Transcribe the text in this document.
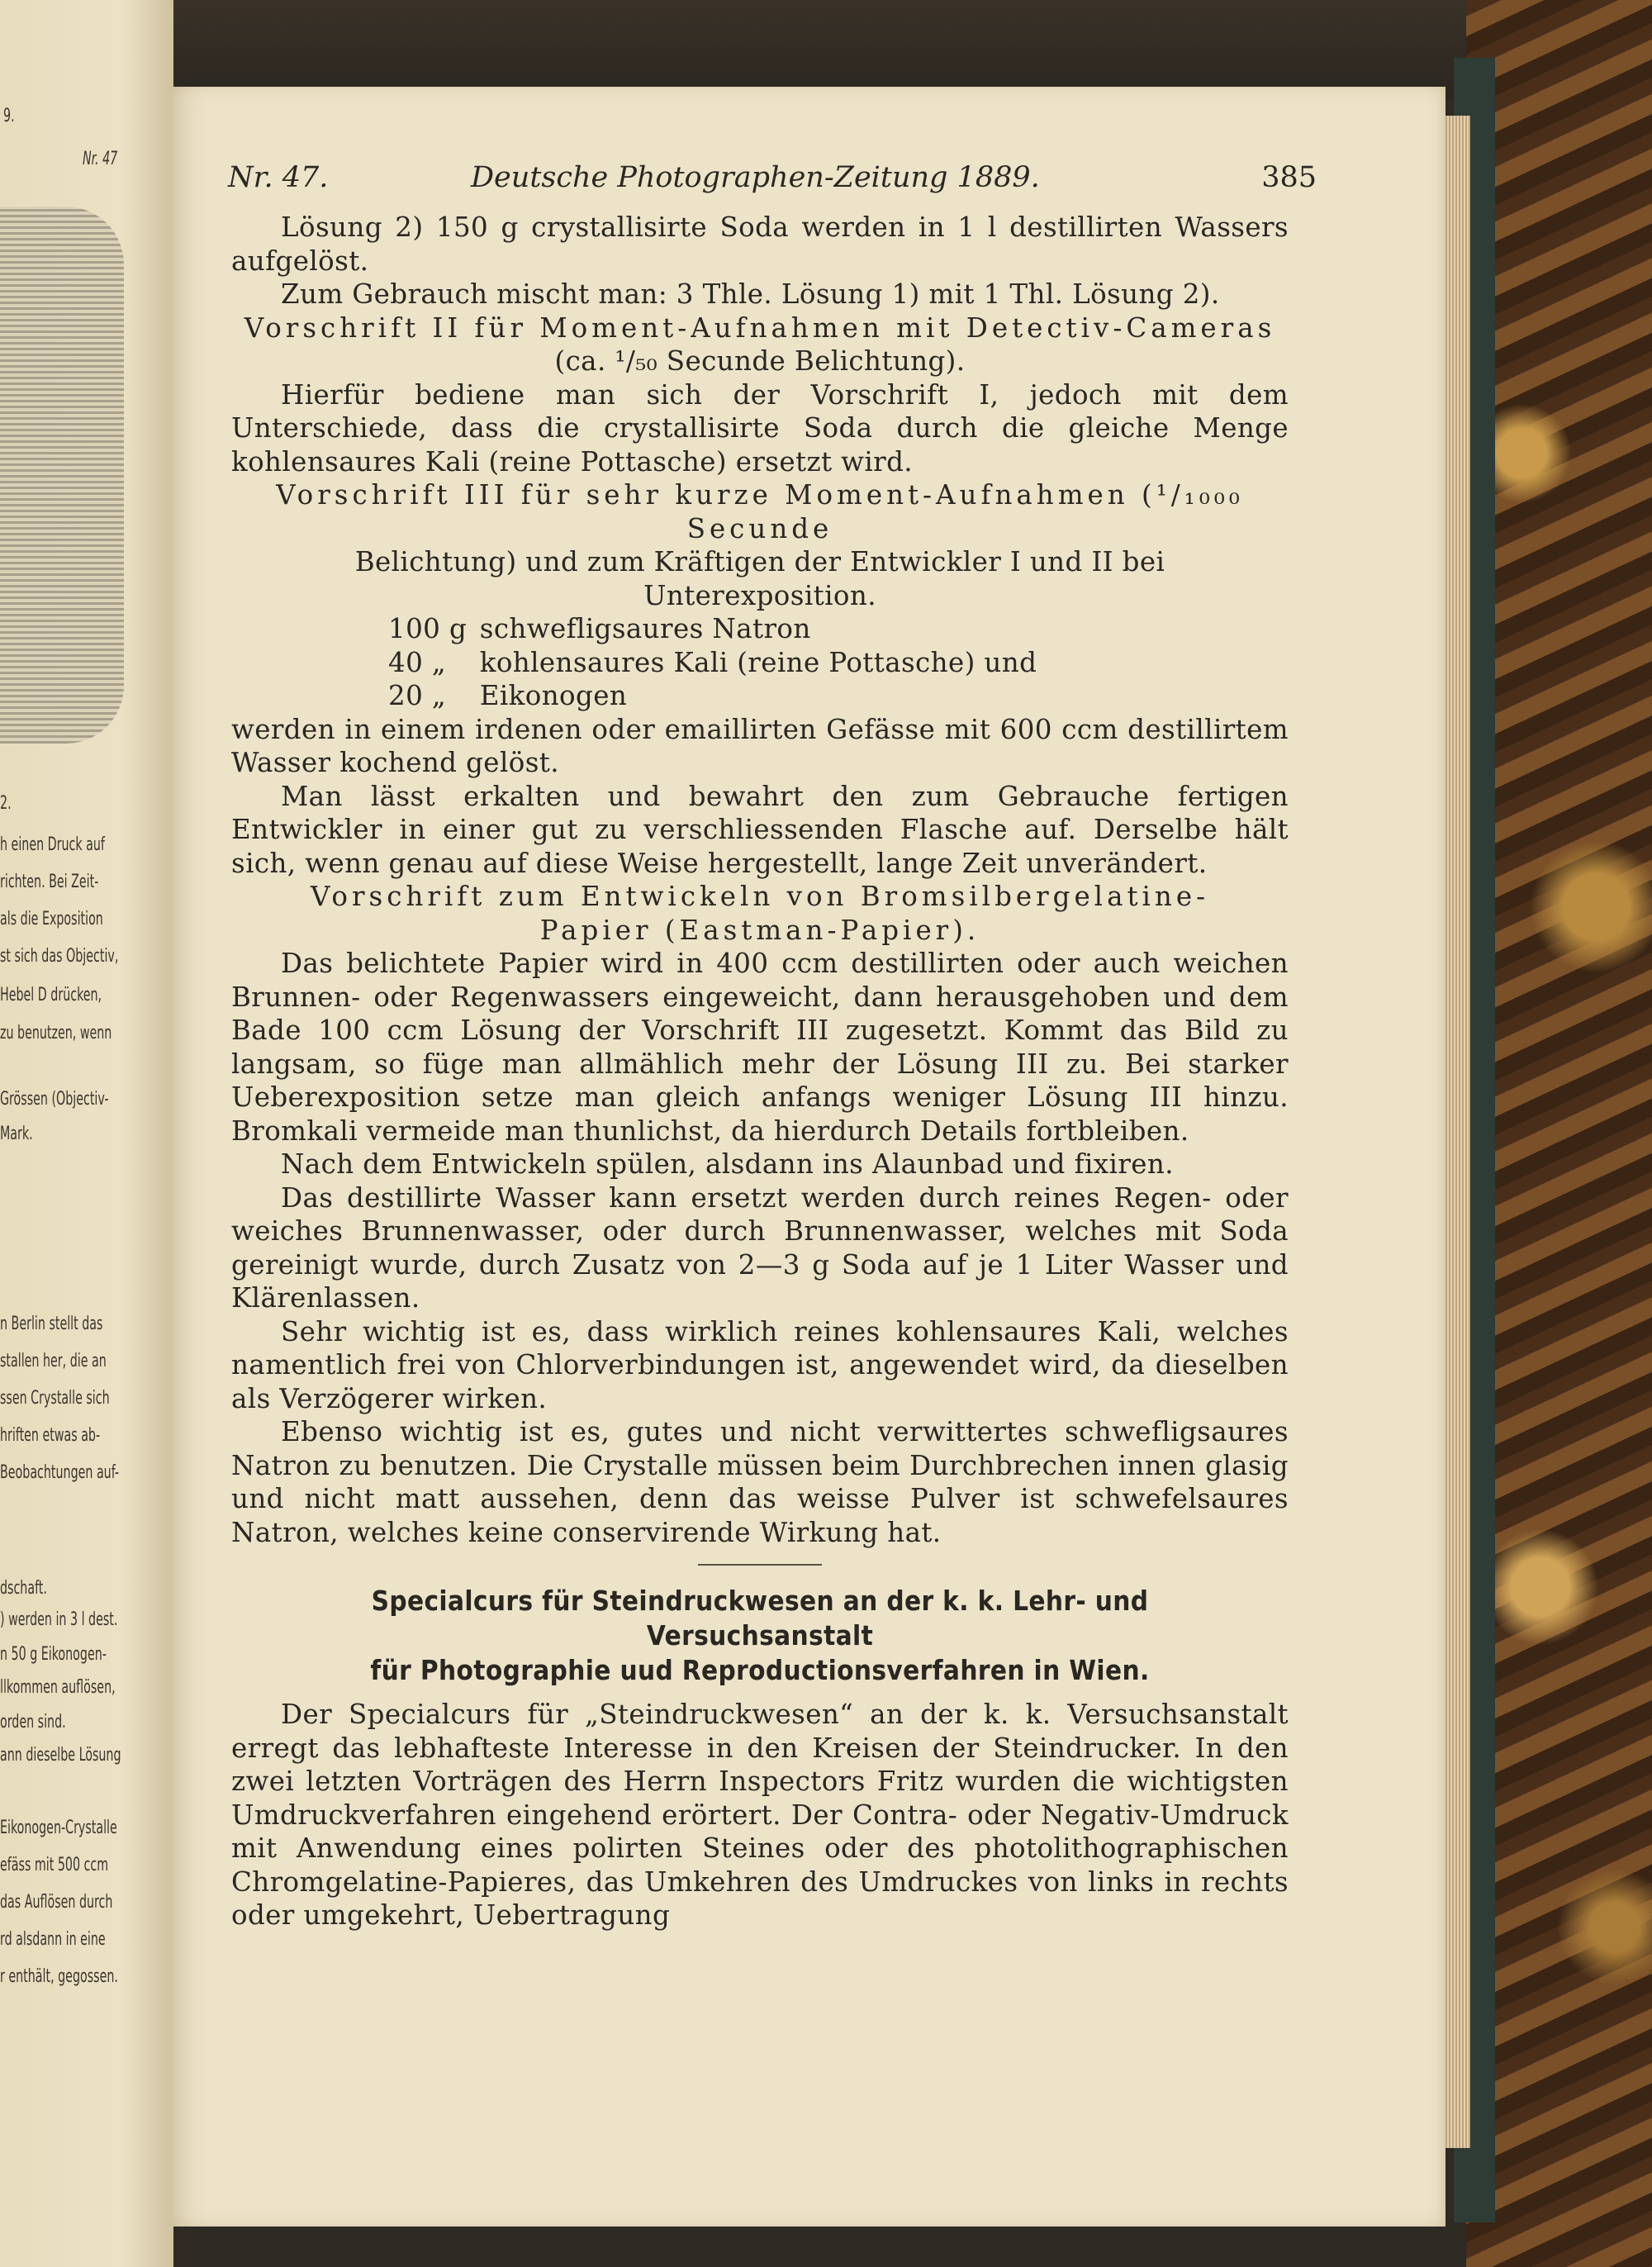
9.
Nr. 47
2.
h einen Druck auf
richten. Bei Zeit-
als die Exposition
st sich das Objectiv,
Hebel D drücken,
zu benutzen, wenn
Grössen (Objectiv-
Mark.
n Berlin stellt das
stallen her, die an
ssen Crystalle sich
hriften etwas ab-
Beobachtungen auf-
dschaft.
) werden in 3 l dest.
n 50 g Eikonogen-
llkommen auflösen,
orden sind.
ann dieselbe Lösung
Eikonogen-Crystalle
efäss mit 500 ccm
das Auflösen durch
rd alsdann in eine
r enthält, gegossen.
Nr. 47.	Deutsche Photographen-Zeitung 1889.	385

Lösung 2) 150 g crystallisirte Soda werden in 1 l destillirten Wassers aufgelöst.

Zum Gebrauch mischt man: 3 Thle. Lösung 1) mit 1 Thl. Lösung 2).

Vorschrift II für Moment-Aufnahmen mit Detectiv-Cameras
(ca. ¹/₅₀ Secunde Belichtung).

Hierfür bediene man sich der Vorschrift I, jedoch mit dem Unterschiede, dass die crystallisirte Soda durch die gleiche Menge kohlensaures Kali (reine Pottasche) ersetzt wird.

Vorschrift III für sehr kurze Moment-Aufnahmen (¹/₁₀₀₀ Secunde
Belichtung) und zum Kräftigen der Entwickler I und II bei
Unterexposition.

100 g schwefligsaures Natron

40 „ kohlensaures Kali (reine Pottasche) und

20 „ Eikonogen

werden in einem irdenen oder emaillirten Gefässe mit 600 ccm destillirtem Wasser kochend gelöst.

Man lässt erkalten und bewahrt den zum Gebrauche fertigen Entwickler in einer gut zu verschliessenden Flasche auf. Derselbe hält sich, wenn genau auf diese Weise hergestellt, lange Zeit unverändert.

Vorschrift zum Entwickeln von Bromsilbergelatine-
Papier (Eastman-Papier).

Das belichtete Papier wird in 400 ccm destillirten oder auch weichen Brunnen- oder Regenwassers eingeweicht, dann herausgehoben und dem Bade 100 ccm Lösung der Vorschrift III zugesetzt. Kommt das Bild zu langsam, so füge man allmählich mehr der Lösung III zu. Bei starker Ueberexposition setze man gleich anfangs weniger Lösung III hinzu. Bromkali vermeide man thunlichst, da hierdurch Details fortbleiben.

Nach dem Entwickeln spülen, alsdann ins Alaunbad und fixiren.

Das destillirte Wasser kann ersetzt werden durch reines Regen- oder weiches Brunnenwasser, oder durch Brunnenwasser, welches mit Soda gereinigt wurde, durch Zusatz von 2—3 g Soda auf je 1 Liter Wasser und Klärenlassen.

Sehr wichtig ist es, dass wirklich reines kohlensaures Kali, welches namentlich frei von Chlorverbindungen ist, angewendet wird, da dieselben als Verzögerer wirken.

Ebenso wichtig ist es, gutes und nicht verwittertes schwefligsaures Natron zu benutzen. Die Crystalle müssen beim Durchbrechen innen glasig und nicht matt aussehen, denn das weisse Pulver ist schwefelsaures Natron, welches keine conservirende Wirkung hat.

Specialcurs für Steindruckwesen an der k. k. Lehr- und Versuchsanstalt
für Photographie uud Reproductionsverfahren in Wien.

Der Specialcurs für „Steindruckwesen“ an der k. k. Versuchsanstalt erregt das lebhafteste Interesse in den Kreisen der Steindrucker. In den zwei letzten Vorträgen des Herrn Inspectors Fritz wurden die wichtigsten Umdruckverfahren eingehend erörtert. Der Contra- oder Negativ-Umdruck mit Anwendung eines polirten Steines oder des photolithographischen Chromgelatine-Papieres, das Umkehren des Umdruckes von links in rechts oder umgekehrt, Uebertragung
